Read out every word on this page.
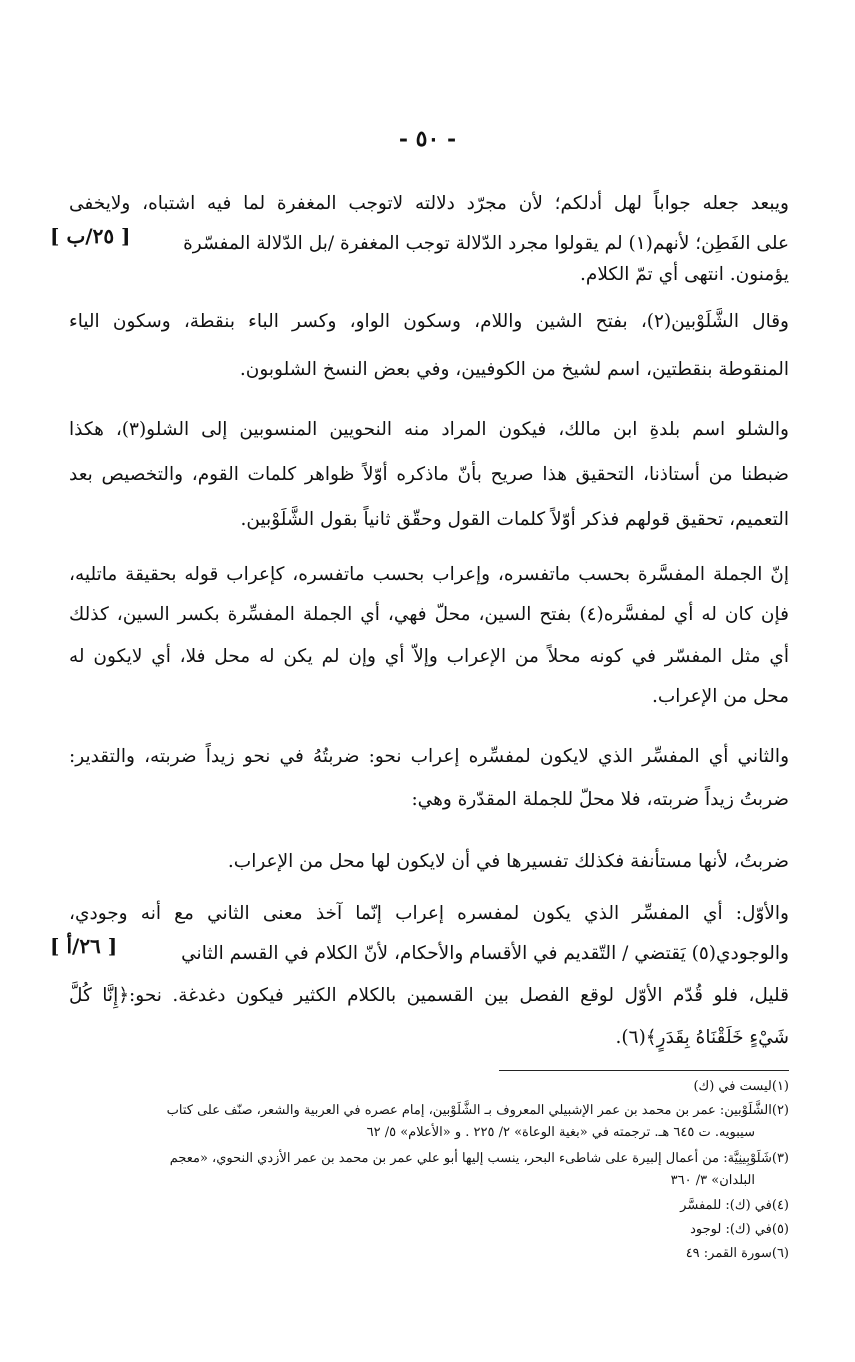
- ٥٠ -
ويبعد جعله جواباً لهل أدلكم؛ لأن مجرّد دلالته لاتوجب المغفرة لما فيه اشتباه، ولايخفى
على الفَطِن؛ لأنهم(١) لم يقولوا مجرد الدّلالة توجب المغفرة /بل الدّلالة المفسّرة
[ ٢٥/ب ]
يؤمنون. انتهى أي تمّ الكلام.
وقال الشَّلَوْبين(٢)، بفتح الشين واللام، وسكون الواو، وكسر الباء بنقطة، وسكون الياء
المنقوطة بنقطتين، اسم لشيخ من الكوفيين، وفي بعض النسخ الشلوبون.
والشلو اسم بلدةِ ابن مالك، فيكون المراد منه النحويين المنسوبين إلى الشلو(٣)، هكذا
ضبطنا من أستاذنا، التحقيق هذا صريح بأنّ ماذكره أوّلاً ظواهر كلمات القوم، والتخصيص بعد
التعميم، تحقيق قولهم فذكر أوّلاً كلمات القول وحقّق ثانياً بقول الشَّلَوْبين.
إنّ الجملة المفسَّرة بحسب ماتفسره، وإعراب بحسب ماتفسره، كإعراب قوله بحقيقة ماتليه،
فإن كان له أي لمفسَّره(٤) بفتح السين، محلّ فهي، أي الجملة المفسِّرة بكسر السين، كذلك
أي مثل المفسّر في كونه محلاً من الإعراب وإلاّ أي وإن لم يكن له محل فلا، أي لايكون له
محل من الإعراب.
والثاني أي المفسِّر الذي لايكون لمفسِّره إعراب نحو: ضربتُهُ في نحو زيداً ضربته، والتقدير:
ضربتُ زيداً ضربته، فلا محلّ للجملة المقدّرة وهي:
ضربتُ، لأنها مستأنفة فكذلك تفسيرها في أن لايكون لها محل من الإعراب.
والأوّل: أي المفسِّر الذي يكون لمفسره إعراب إنّما آخذ معنى الثاني مع أنه وجودي،
والوجودي(٥) يَقتضي / التّقديم في الأقسام والأحكام، لأنّ الكلام في القسم الثاني
[ ٢٦/أ ]
قليل، فلو قُدّم الأوّل لوقع الفصل بين القسمين بالكلام الكثير فيكون دغدغة. نحو:﴿إِنَّا كُلَّ
شَيْءٍ خَلَقْنَاهُ بِقَدَرٍ﴾(٦).
(١)ليست في (ك)
(٢)الشَّلَوْبين: عمر بن محمد بن عمر الإشبيلي المعروف بـ الشَّلَوْبين، إمام عصره في العربية والشعر، صنّف على كتاب
سيبويه. ت ٦٤٥ هـ. ترجمته في «بغية الوعاة» ٢/ ٢٢٥ . و «الأعلام» ٥/ ٦٢
(٣)شَلَوْبِينِيَّة: من أعمال إلبيرة على شاطىء البحر، ينسب إليها أبو علي عمر بن محمد بن عمر الأزدي النحوي، «معجم
البلدان» ٣/ ٣٦٠
(٤)في (ك): للمفسَّر
(٥)في (ك): لوجود
(٦)سورة القمر: ٤٩
